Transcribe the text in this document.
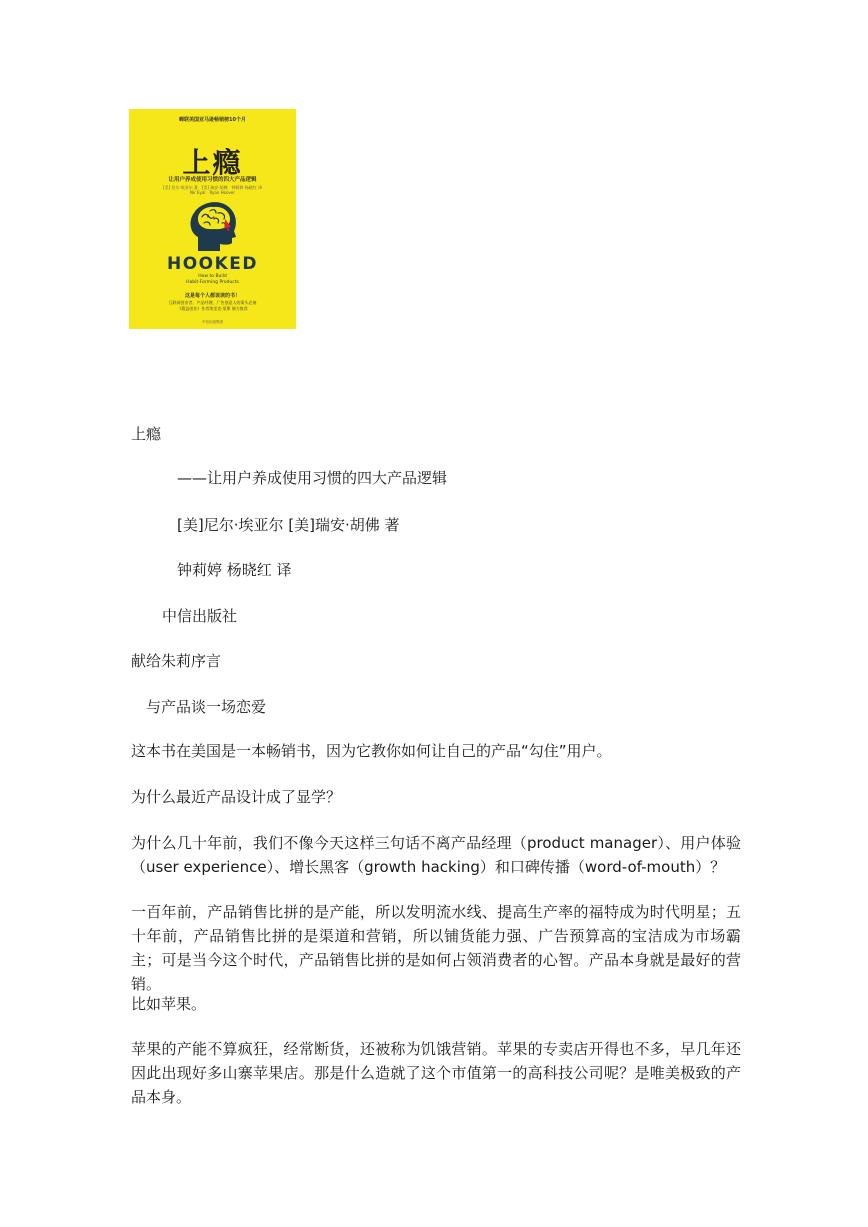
蝉联美国亚马逊畅销榜10个月
上瘾
让用户养成使用习惯的四大产品逻辑
[美] 尼尔·埃亚尔 著　[美] 瑞安·胡佛　钟莉婷 杨晓红 译
Nir Eyal　Ryan Hoover
HOOKED
How to Build
Habit-Forming Products
这是每个人都该读的书！
互联网创业者、产品经理、广告创意人的案头必备
《精益创业》作者埃里克·莱斯 倾力推荐
中信出版集团
上瘾
——让用户养成使用习惯的四大产品逻辑
[美]尼尔·埃亚尔 [美]瑞安·胡佛 著
钟莉婷 杨晓红 译
中信出版社
献给朱莉序言
与产品谈一场恋爱
这本书在美国是一本畅销书，因为它教你如何让自己的产品“勾住”用户。
为什么最近产品设计成了显学？
为什么几十年前，我们不像今天这样三句话不离产品经理（product manager）、用户体验（user experience）、增长黑客（growth hacking）和口碑传播（word-of-mouth）？
一百年前，产品销售比拼的是产能，所以发明流水线、提高生产率的福特成为时代明星；五十年前，产品销售比拼的是渠道和营销，所以铺货能力强、广告预算高的宝洁成为市场霸主；可是当今这个时代，产品销售比拼的是如何占领消费者的心智。产品本身就是最好的营销。
比如苹果。
苹果的产能不算疯狂，经常断货，还被称为饥饿营销。苹果的专卖店开得也不多，早几年还因此出现好多山寨苹果店。那是什么造就了这个市值第一的高科技公司呢？是唯美极致的产品本身。
